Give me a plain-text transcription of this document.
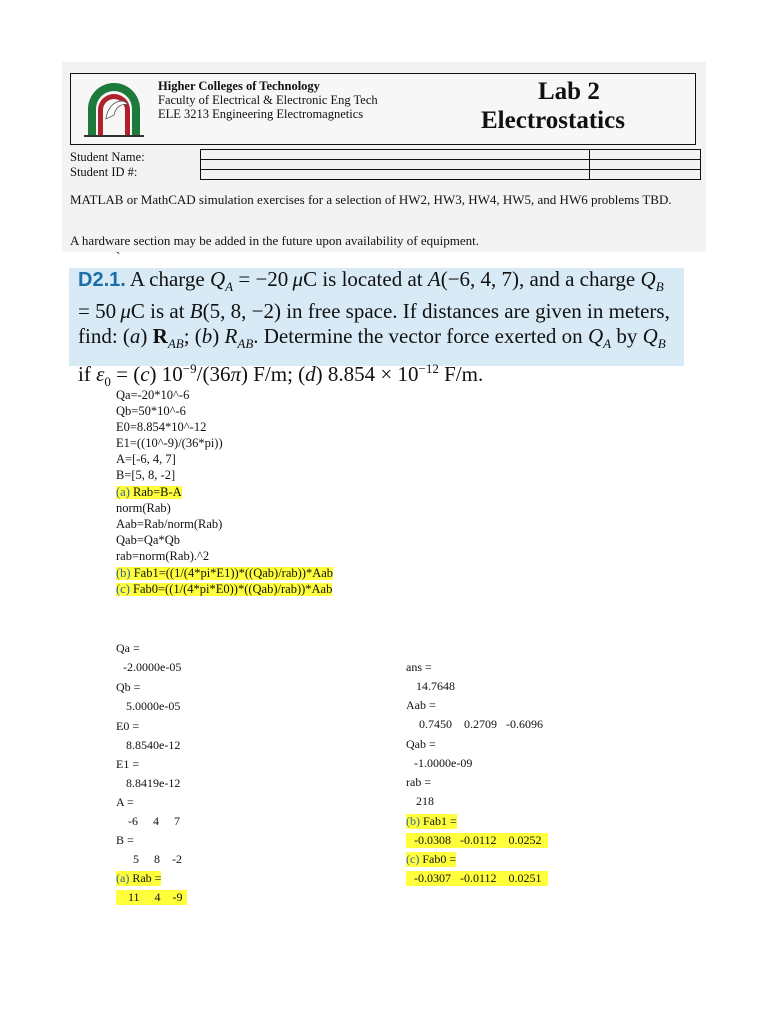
Higher Colleges of Technology
Faculty of Electrical & Electronic Eng Tech
ELE 3213 Engineering Electromagnetics
Lab 2
Electrostatics
Student Name:
Student ID #:

MATLAB or MathCAD simulation exercises for a selection of HW2, HW3, HW4, HW5, and HW6 problems TBD.
A hardware section may be added in the future upon availability of equipment.
`
D2.1. A charge $Q_A = -20$ μC is located at A(−6, 4, 7), and a charge $Q_B = 50$ μC is at B(5, 8, −2) in free space. If distances are given in meters, find: (a) $R_{AB}$; (b) $R_{AB}$. Determine the vector force exerted on $Q_A$ by $Q_B$ if $\varepsilon_0 = (c)$ $10^{-9}/(36\pi)$ F/m; (d) $8.854 \times 10^{-12}$ F/m.
Qa=-20*10^-6
Qb=50*10^-6
E0=8.854*10^-12
E1=((10^-9)/(36*pi))
A=[-6, 4, 7]
B=[5, 8, -2]
(a) Rab=B-A
norm(Rab)
Aab=Rab/norm(Rab)
Qab=Qa*Qb
rab=norm(Rab).^2
(b) Fab1=((1/(4*pi*E1))*((Qab)/rab))*Aab
(c) Fab0=((1/(4*pi*E0))*((Qab)/rab))*Aab
Qa =
-2.0000e-05
Qb =
5.0000e-05
E0 =
8.8540e-12
E1 =
8.8419e-12
A =
-6     4     7
B =
5     8    -2
(a) Rab =
11     4    -9
ans =
14.7648
Aab =
0.7450    0.2709   -0.6096
Qab =
-1.0000e-09
rab =
218
(b) Fab1 =
-0.0308   -0.0112    0.0252
(c) Fab0 =
-0.0307   -0.0112    0.0251
